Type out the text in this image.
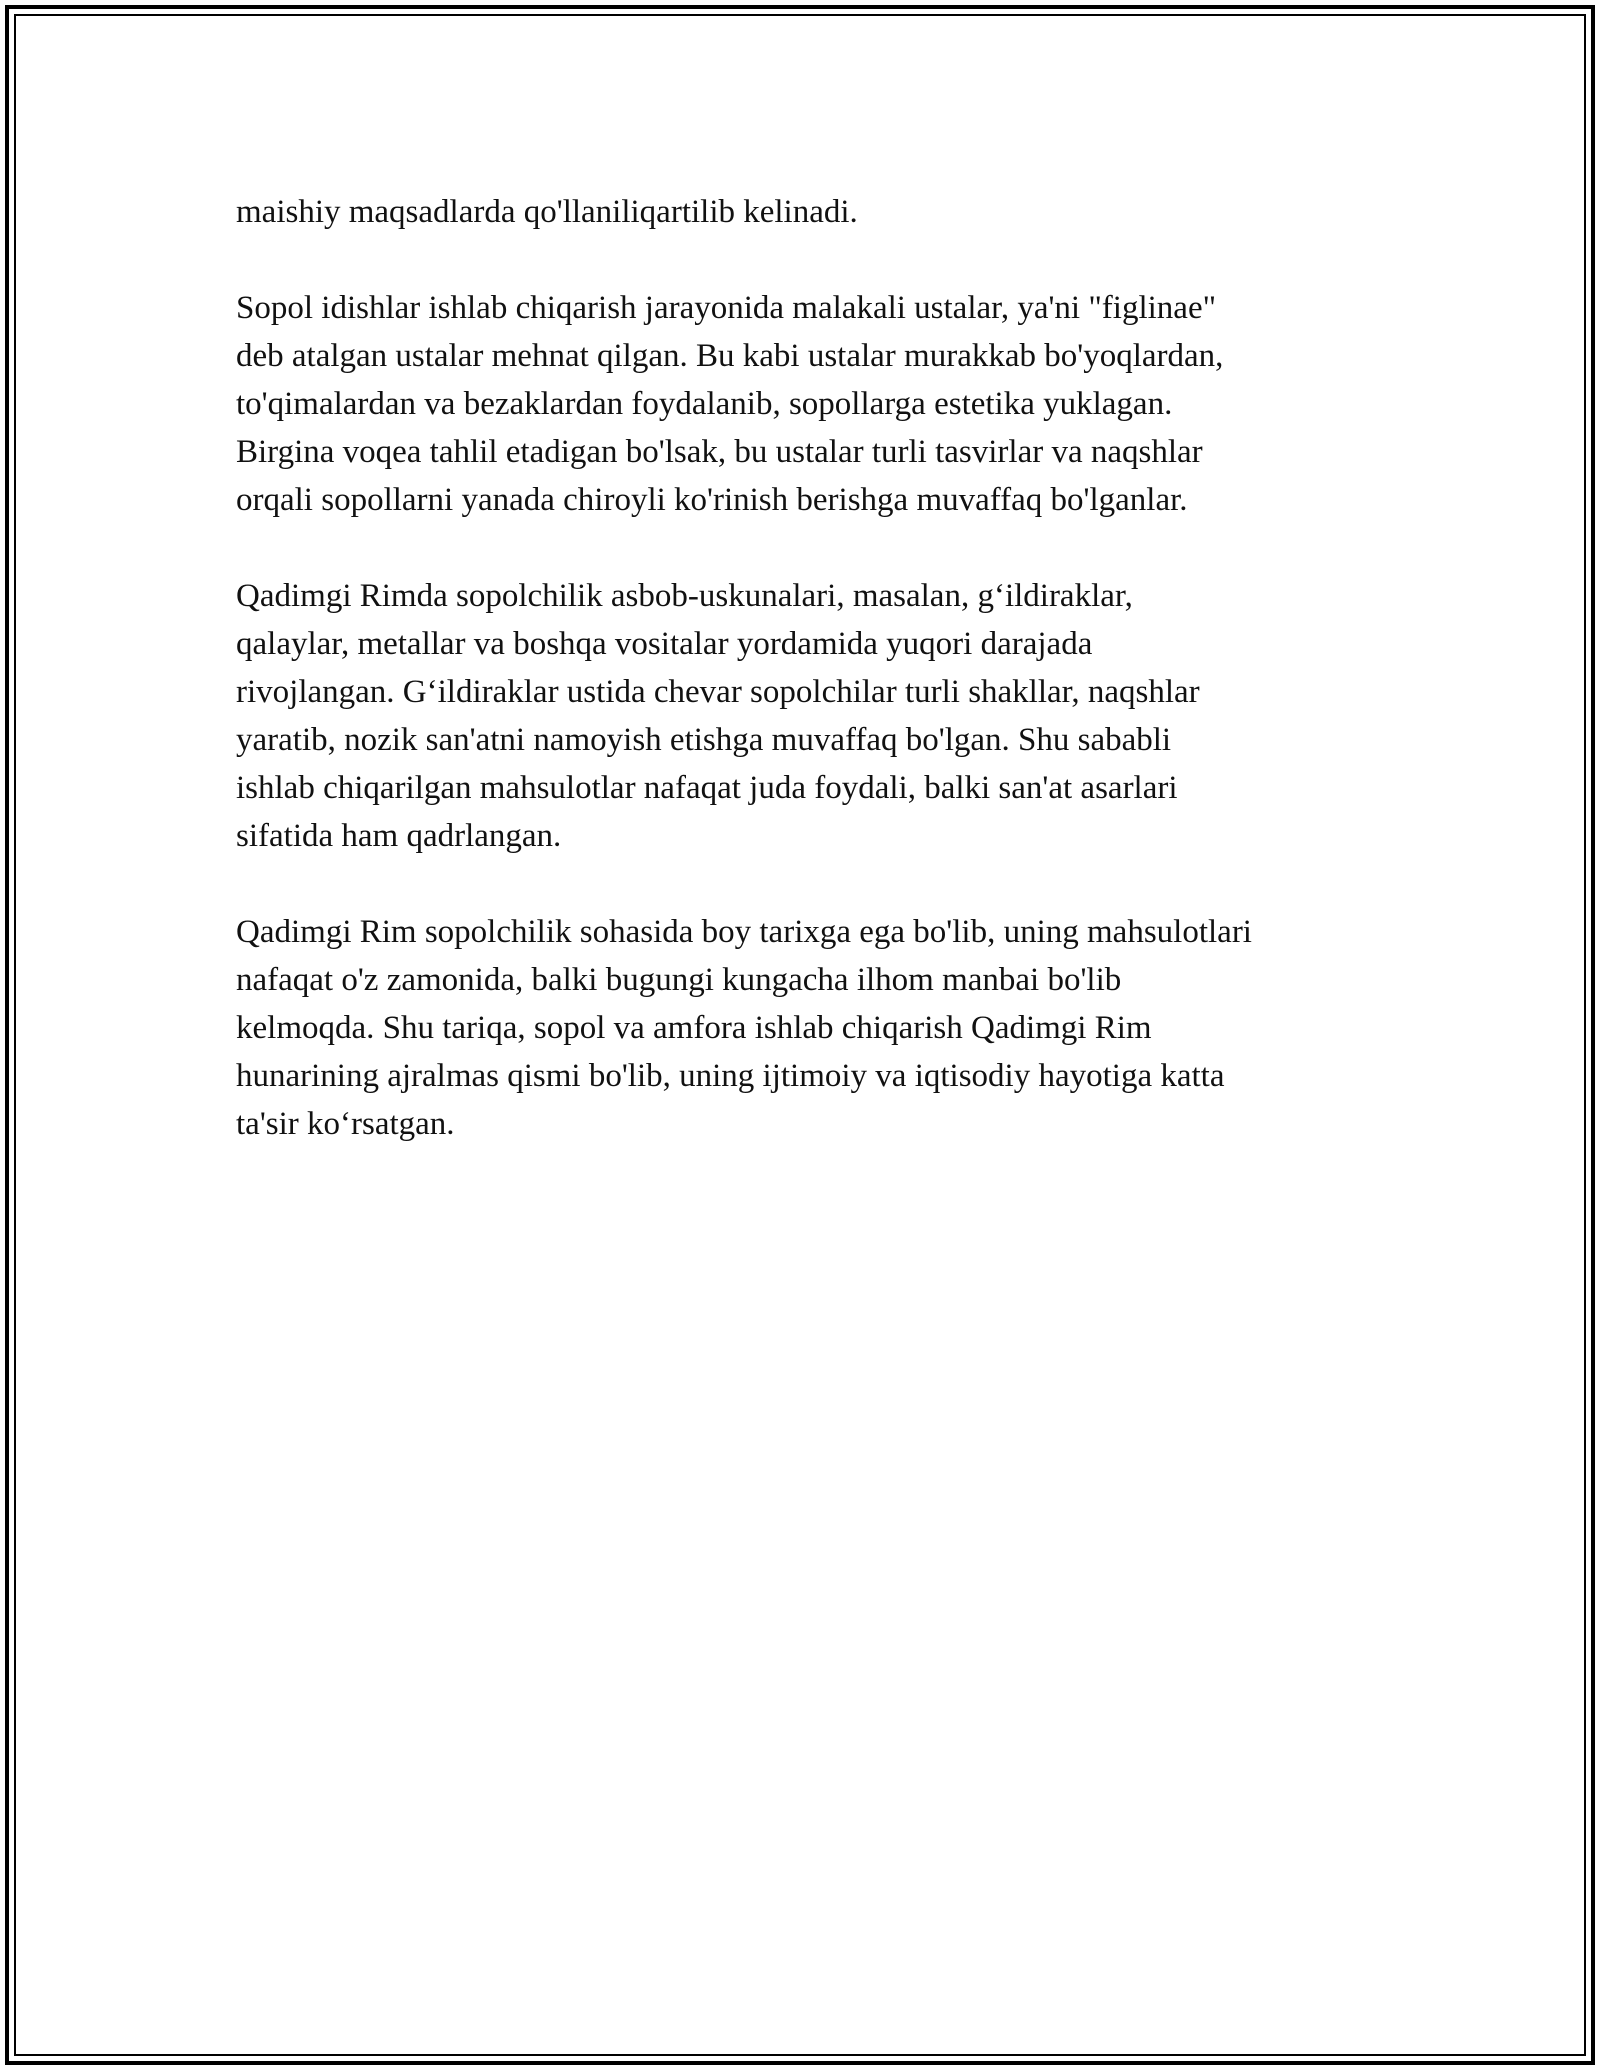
maishiy maqsadlarda qo'llaniliqartilib kelinadi.

Sopol idishlar ishlab chiqarish jarayonida malakali ustalar, ya'ni "figlinae"
deb atalgan ustalar mehnat qilgan. Bu kabi ustalar murakkab bo'yoqlardan,
to'qimalardan va bezaklardan foydalanib, sopollarga estetika yuklagan.
Birgina voqea tahlil etadigan bo'lsak, bu ustalar turli tasvirlar va naqshlar
orqali sopollarni yanada chiroyli ko'rinish berishga muvaffaq bo'lganlar.

Qadimgi Rimda sopolchilik asbob-uskunalari, masalan, g‘ildiraklar,
qalaylar, metallar va boshqa vositalar yordamida yuqori darajada
rivojlangan. G‘ildiraklar ustida chevar sopolchilar turli shakllar, naqshlar
yaratib, nozik san'atni namoyish etishga muvaffaq bo'lgan. Shu sababli
ishlab chiqarilgan mahsulotlar nafaqat juda foydali, balki san'at asarlari
sifatida ham qadrlangan.

Qadimgi Rim sopolchilik sohasida boy tarixga ega bo'lib, uning mahsulotlari
nafaqat o'z zamonida, balki bugungi kungacha ilhom manbai bo'lib
kelmoqda. Shu tariqa, sopol va amfora ishlab chiqarish Qadimgi Rim
hunarining ajralmas qismi bo'lib, uning ijtimoiy va iqtisodiy hayotiga katta
ta'sir ko‘rsatgan.
